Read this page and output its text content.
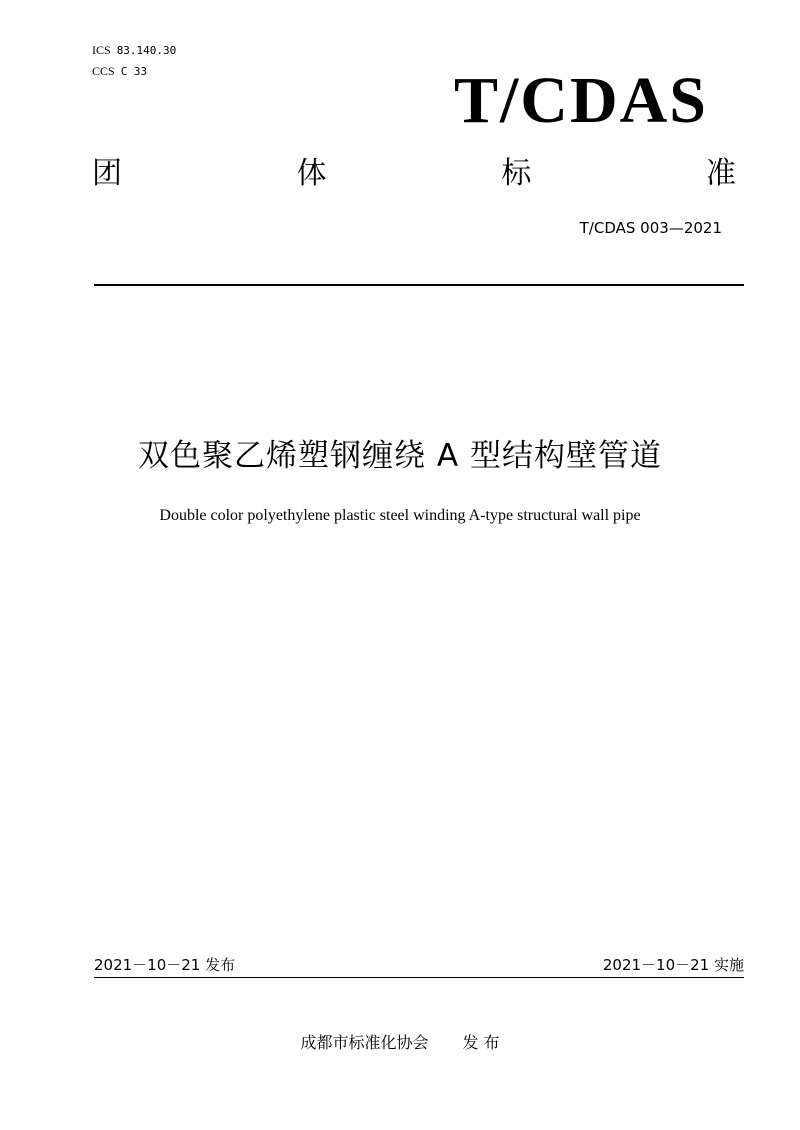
ICS 83.140.30
CCS C 33	T/CDAS
团	体	标	准
T/CDAS 003—2021
双色聚乙烯塑钢缠绕 A 型结构壁管道
Double color polyethylene plastic steel winding A-type structural wall pipe
2021－10－21 发布	2021－10－21 实施
成都市标准化协会 发 布
